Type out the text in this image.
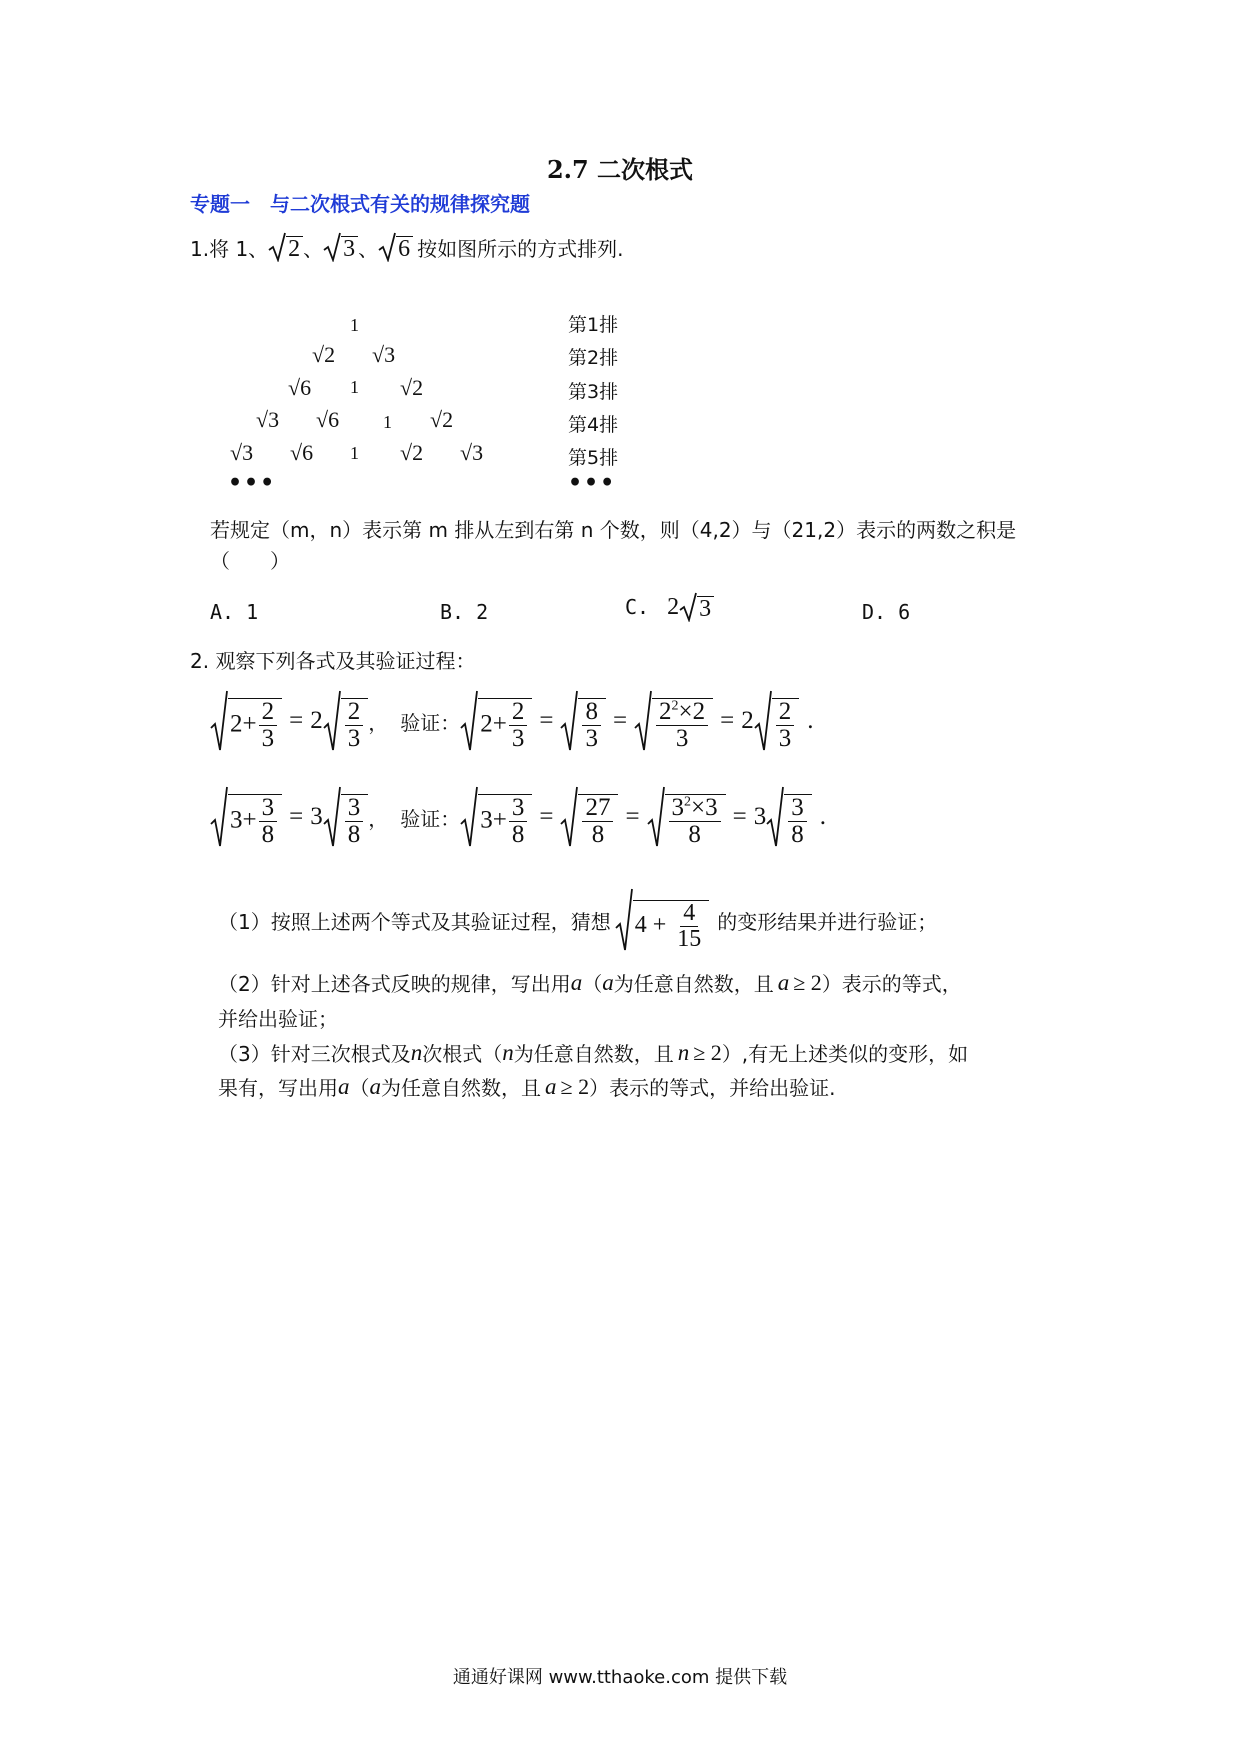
2.7 二次根式
专题一　与二次根式有关的规律探究题
1.将 1、 2 、 3 、 6 按如图所示的方式排列.
1
√2 √3
√6 1 √2
√3 √6 1 √2
√3 √6 1 √2 √3
•••
第1排
第2排
第3排
第4排
第5排
•••
若规定（m，n）表示第 m 排从左到右第 n 个数，则（4,2）与（21,2）表示的两数之积是
（　　）
A. 1	B. 2	C. 2 3	D. 6
2. 观察下列各式及其验证过程：
$2+ \frac{2}{3} = 2 \frac{2}{3}$ ， 验证： $2+ \frac{2}{3} = \frac{8}{3} = \frac{2^2\times 2}{3} = 2 \frac{2}{3}$ .
$3+ \frac{3}{8} = 3 \frac{3}{8}$ ， 验证： $3+ \frac{3}{8} = \frac{27}{8} = \frac{3^2\times 3}{8} = 3 \frac{3}{8}$ .
（1）按照上述两个等式及其验证过程，猜想 $4 + \frac{4}{15}$ 的变形结果并进行验证；
（2）针对上述各式反映的规律，写出用 a （ a 为任意自然数，且 a ≥ 2 ）表示的等式，
并给出验证；
（3）针对三次根式及 n 次根式（ n 为任意自然数，且 n ≥ 2 ）,有无上述类似的变形，如
果有，写出用 a （ a 为任意自然数，且 a ≥ 2 ）表示的等式，并给出验证.
通通好课网 www.tthaoke.com 提供下载
